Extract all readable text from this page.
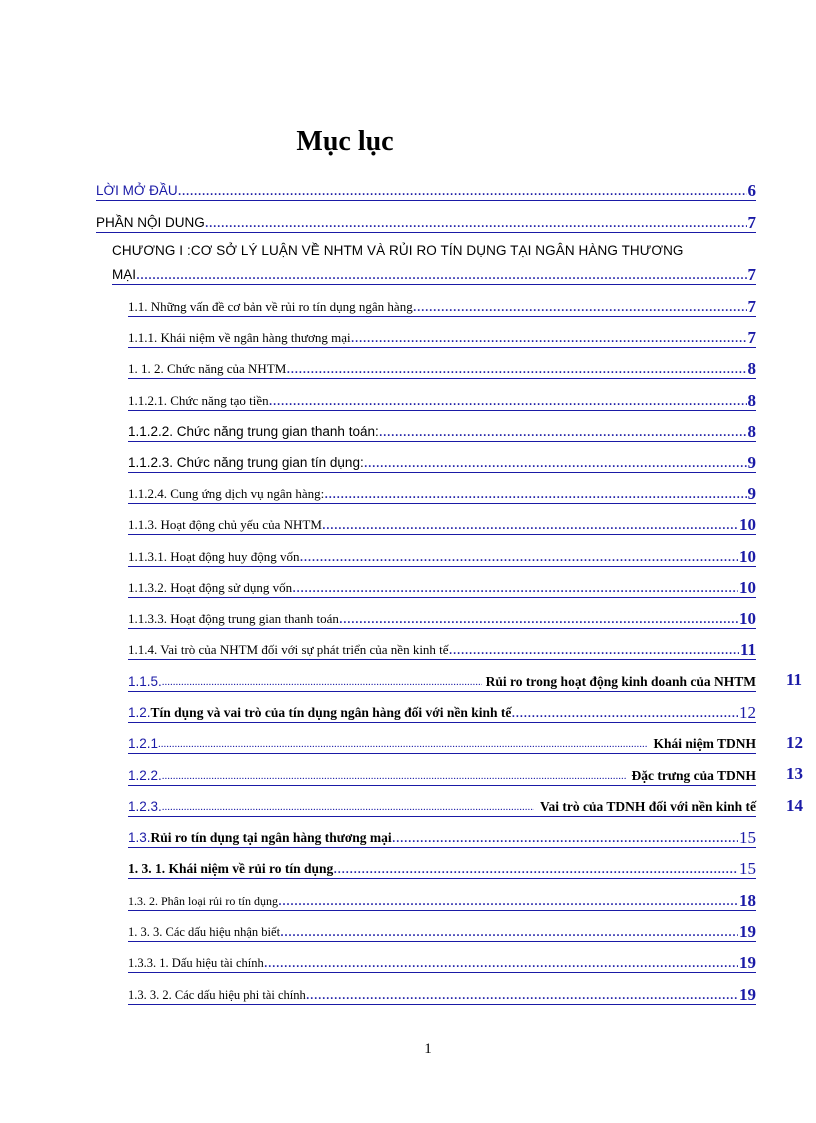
Mục lục
LỜI MỞ ĐẦU .....	6
PHẦN NỘI DUNG .....	7
CHƯƠNG I :CƠ SỞ LÝ LUẬN VỀ NHTM VÀ RỦI RO TÍN DỤNG TẠI NGÂN HÀNG THƯƠNG
MẠI .....	7
1.1. Những vấn đề cơ bản về rủi ro tín dụng ngân hàng .....	7
1.1.1. Khái niệm về ngân hàng thương mại .....	7
1. 1. 2. Chức năng của NHTM .....	8
1.1.2.1. Chức năng tạo tiền .....	8
1.1.2.2. Chức năng trung gian thanh toán: .....	8
1.1.2.3. Chức năng trung gian tín dụng: .....	9
1.1.2.4. Cung ứng dịch vụ ngân hàng: .....	9
1.1.3. Hoạt động chủ yếu của NHTM .....	10
1.1.3.1. Hoạt động huy động vốn .....	10
1.1.3.2. Hoạt động sử dụng vốn .....	10
1.1.3.3. Hoạt động trung gian thanh toán .....	10
1.1.4. Vai trò của NHTM đối với sự phát triển của nền kinh tế .....	11
1.1.5. .....	Rủi ro trong hoạt động kinh doanh của NHTM 11
1.2. Tín dụng và vai trò của tín dụng ngân hàng đối với nền kinh tế .....	12
1.2.1 .....	Khái niệm TDNH 12
1.2.2. .....	Đặc trưng của TDNH 13
1.2.3. .....	Vai trò của TDNH đối với nền kinh tế 14
1.3. Rủi ro tín dụng tại ngân hàng thương mại .....	15
1. 3. 1. Khái niệm về rủi ro tín dụng .....	15
1.3. 2. Phân loại rủi ro tín dụng .....	18
1. 3. 3. Các dấu hiệu nhận biết .....	19
1.3.3. 1. Dấu hiệu tài chính .....	19
1.3. 3. 2. Các dấu hiệu phi tài chính .....	19
1
